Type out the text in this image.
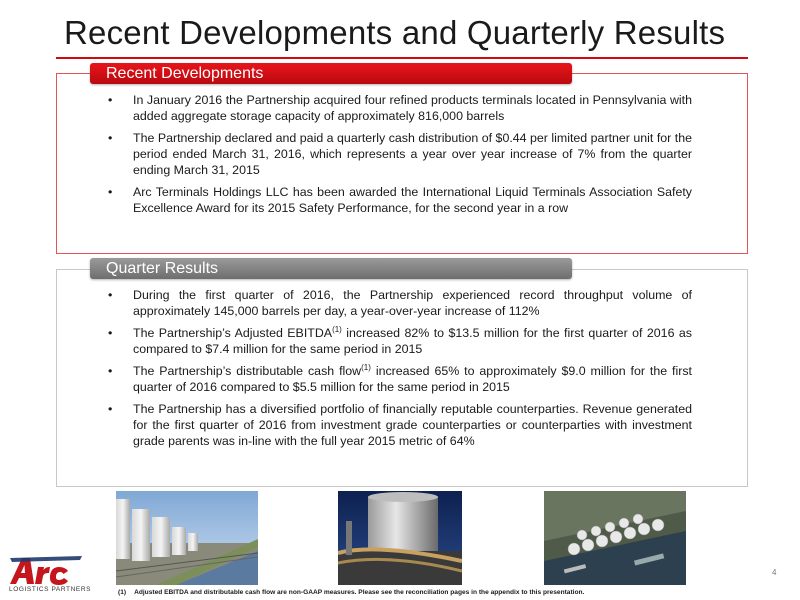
Recent Developments and Quarterly Results
Recent Developments
• In January 2016 the Partnership acquired four refined products terminals located in Pennsylvania with added aggregate storage capacity of approximately 816,000 barrels
• The Partnership declared and paid a quarterly cash distribution of $0.44 per limited partner unit for the period ended March 31, 2016, which represents a year over year increase of 7% from the quarter ending March 31, 2015
• Arc Terminals Holdings LLC has been awarded the International Liquid Terminals Association Safety Excellence Award for its 2015 Safety Performance, for the second year in a row
Quarter Results
• During the first quarter of 2016, the Partnership experienced record throughput volume of approximately 145,000 barrels per day, a year-over-year increase of 112%
• The Partnership’s Adjusted EBITDA$^{(1)}$ increased 82% to $13.5 million for the first quarter of 2016 as compared to $7.4 million for the same period in 2015
• The Partnership’s distributable cash flow$^{(1)}$ increased 65% to approximately $9.0 million for the first quarter of 2016 compared to $5.5 million for the same period in 2015
• The Partnership has a diversified portfolio of financially reputable counterparties. Revenue generated for the first quarter of 2016 from investment grade counterparties or counterparties with investment grade parents was in-line with the full year 2015 metric of 64%
LOGISTICS PARTNERS	(1) Adjusted EBITDA and distributable cash flow are non-GAAP measures. Please see the reconciliation pages in the appendix to this presentation.
4
